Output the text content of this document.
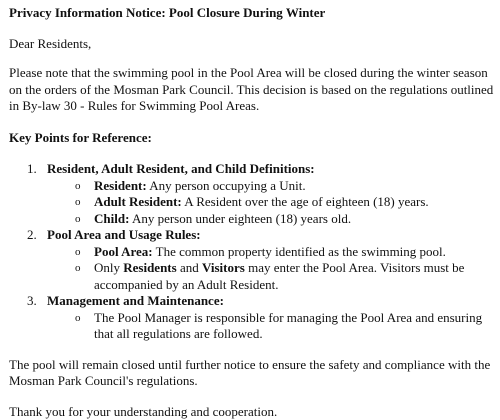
Privacy Information Notice: Pool Closure During Winter

Dear Residents,

Please note that the swimming pool in the Pool Area will be closed during the winter season on the orders of the Mosman Park Council. This decision is based on the regulations outlined in By-law 30 - Rules for Swimming Pool Areas.

Key Points for Reference:

1. Resident, Adult Resident, and Child Definitions:
o Resident: Any person occupying a Unit.
o Adult Resident: A Resident over the age of eighteen (18) years.
o Child: Any person under eighteen (18) years old.
2. Pool Area and Usage Rules:
o Pool Area: The common property identified as the swimming pool.
o Only Residents and Visitors may enter the Pool Area. Visitors must be accompanied by an Adult Resident.
3. Management and Maintenance:
o The Pool Manager is responsible for managing the Pool Area and ensuring that all regulations are followed.

The pool will remain closed until further notice to ensure the safety and compliance with the Mosman Park Council's regulations.

Thank you for your understanding and cooperation.
